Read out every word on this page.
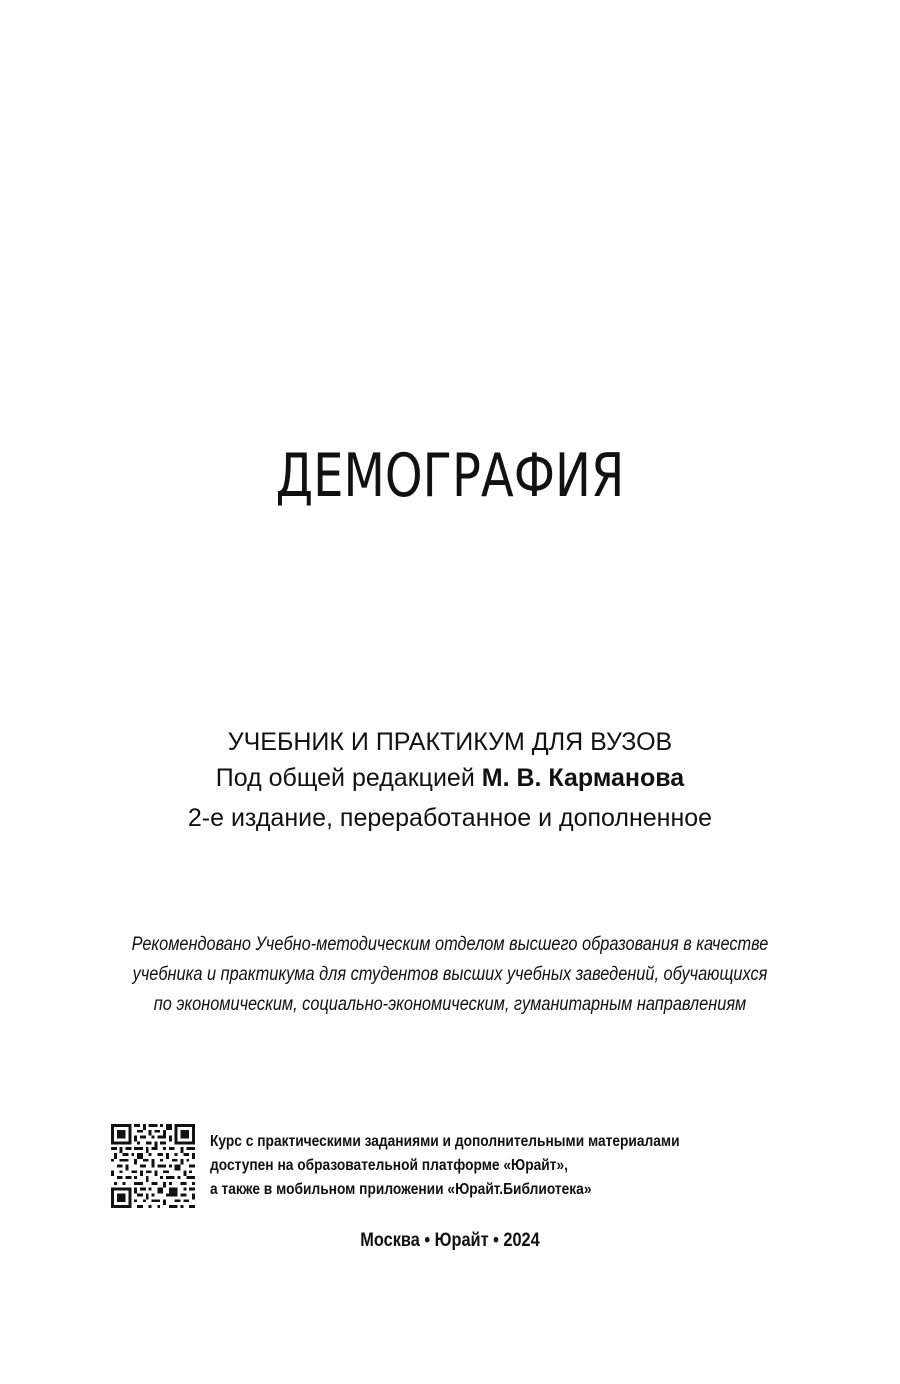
ДЕМОГРАФИЯ
УЧЕБНИК И ПРАКТИКУМ ДЛЯ ВУЗОВ
Под общей редакцией М. В. Карманова
2-е издание, переработанное и дополненное
Рекомендовано Учебно-методическим отделом высшего образования в качестве
учебника и практикума для студентов высших учебных заведений, обучающихся
по экономическим, социально-экономическим, гуманитарным направлениям
Курс с практическими заданиями и дополнительными материалами
доступен на образовательной платформе «Юрайт»,
а также в мобильном приложении «Юрайт.Библиотека»
Москва • Юрайт • 2024
